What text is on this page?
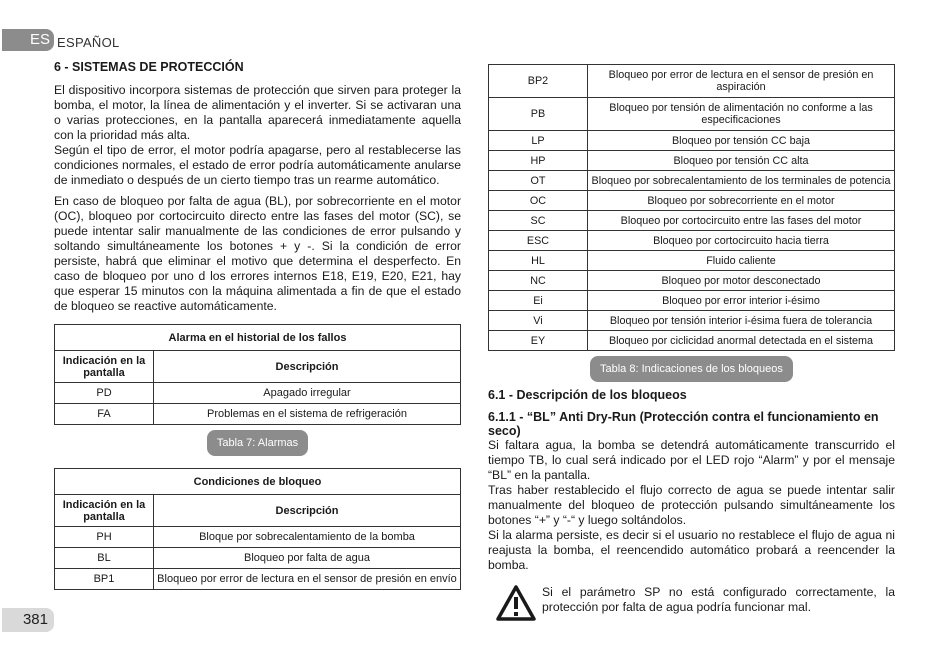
ES ESPAÑOL
381
6 - SISTEMAS DE PROTECCIÓN

El dispositivo incorpora sistemas de protección que sirven para proteger la bomba, el motor, la línea de alimentación y el inverter. Si se activaran una o varias protecciones, en la pantalla aparecerá inmediatamente aquella con la prioridad más alta.

Según el tipo de error, el motor podría apagarse, pero al restablecerse las condiciones normales, el estado de error podría automáticamente anularse de inmediato o después de un cierto tiempo tras un rearme automático.

En caso de bloqueo por falta de agua (BL), por sobrecorriente en el motor (OC), bloqueo por cortocircuito directo entre las fases del motor (SC), se puede intentar salir manualmente de las condiciones de error pulsando y soltando simultáneamente los botones + y -. Si la condición de error persiste, habrá que eliminar el motivo que determina el desperfecto. En caso de bloqueo por uno d los errores internos E18, E19, E20, E21, hay que esperar 15 minutos con la máquina alimentada a fin de que el estado de bloqueo se reactive automáticamente.

Alarma en el historial de los fallos	
Indicación en la pantalla	Descripción
PD	Apagado irregular
FA	Problemas en el sistema de refrigeración
Tabla 7: Alarmas
Condiciones de bloqueo	
Indicación en la pantalla	Descripción
PH	Bloque por sobrecalentamiento de la bomba
BL	Bloqueo por falta de agua
BP1	Bloqueo por error de lectura en el sensor de presión en envío
BP2	Bloqueo por error de lectura en el sensor de presión en aspiración
PB	Bloqueo por tensión de alimentación no conforme a las especificaciones
LP	Bloqueo por tensión CC baja
HP	Bloqueo por tensión CC alta
OT	Bloqueo por sobrecalentamiento de los terminales de potencia
OC	Bloqueo por sobrecorriente en el motor
SC	Bloqueo por cortocircuito entre las fases del motor
ESC	Bloqueo por cortocircuito hacia tierra
HL	Fluido caliente
NC	Bloqueo por motor desconectado
Ei	Bloqueo por error interior i-ésimo
Vi	Bloqueo por tensión interior i-ésima fuera de tolerancia
EY	Bloqueo por ciclicidad anormal detectada en el sistema
Tabla 8: Indicaciones de los bloqueos
6.1 - Descripción de los bloqueos
6.1.1 - “BL” Anti Dry-Run (Protección contra el funcionamiento en seco)

Si faltara agua, la bomba se detendrá automáticamente transcurrido el tiempo TB, lo cual será indicado por el LED rojo “Alarm” y por el mensaje “BL” en la pantalla.

Tras haber restablecido el flujo correcto de agua se puede intentar salir manualmente del bloqueo de protección pulsando simultáneamente los botones “+” y “-“ y luego soltándolos.

Si la alarma persiste, es decir si el usuario no restablece el flujo de agua ni reajusta la bomba, el reencendido automático probará a reencender la bomba.

Si el parámetro SP no está configurado correctamente, la protección por falta de agua podría funcionar mal.
